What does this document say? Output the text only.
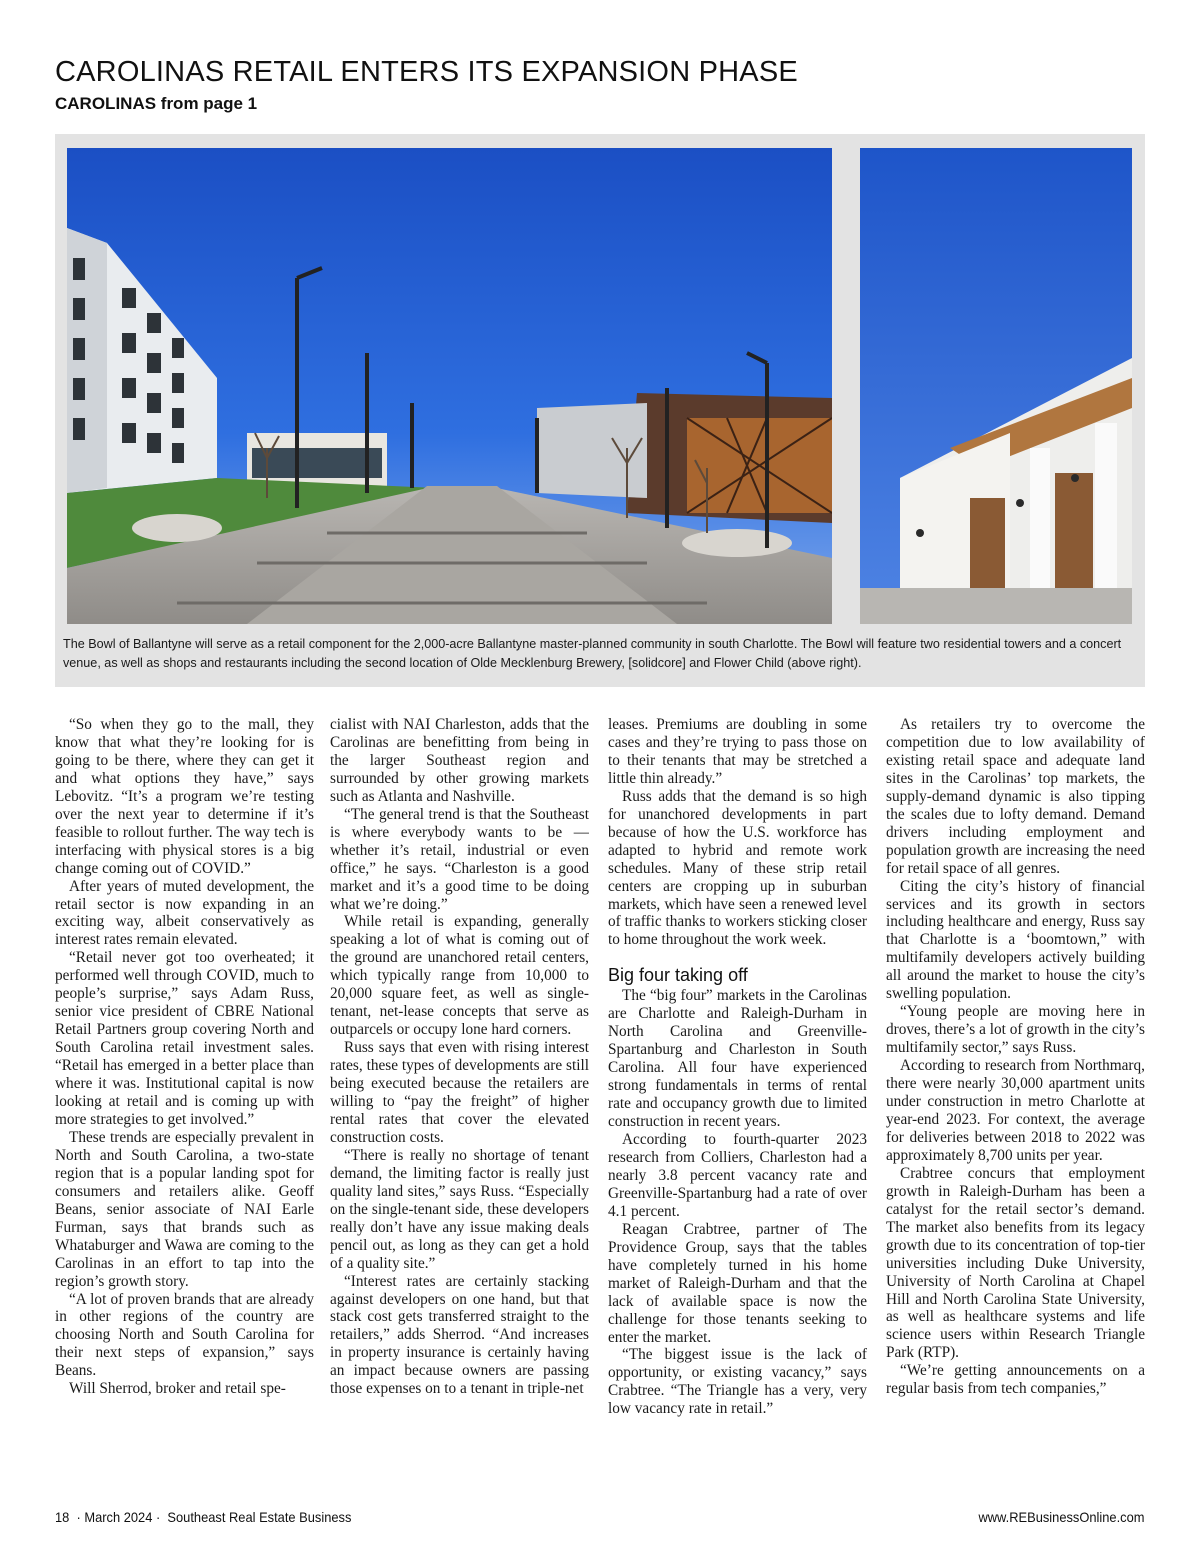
CAROLINAS RETAIL ENTERS ITS EXPANSION PHASE
CAROLINAS from page 1
The Bowl of Ballantyne will serve as a retail component for the 2,000-acre Ballantyne master-planned community in south Charlotte. The Bowl will feature two residential towers and a concert venue, as well as shops and restaurants including the second location of Olde Mecklenburg Brewery, [solidcore] and Flower Child (above right).

“So when they go to the mall, they know that what they’re looking for is going to be there, where they can get it and what options they have,” says Lebovitz. “It’s a program we’re testing over the next year to determine if it’s feasible to rollout further. The way tech is interfacing with physical stores is a big change coming out of COVID.”

After years of muted development, the retail sector is now expanding in an exciting way, albeit conservatively as interest rates remain elevated.

“Retail never got too overheated; it performed well through COVID, much to people’s surprise,” says Adam Russ, senior vice president of CBRE National Retail Partners group covering North and South Carolina retail investment sales. “Retail has emerged in a better place than where it was. Institutional capital is now looking at retail and is coming up with more strategies to get involved.”

These trends are especially prevalent in North and South Carolina, a two-state region that is a popular landing spot for consumers and retailers alike. Geoff Beans, senior associate of NAI Earle Furman, says that brands such as Whataburger and Wawa are coming to the Carolinas in an effort to tap into the region’s growth story.

“A lot of proven brands that are already in other regions of the country are choosing North and South Carolina for their next steps of expansion,” says Beans.

Will Sherrod, broker and retail spe-

cialist with NAI Charleston, adds that the Carolinas are benefitting from being in the larger Southeast region and surrounded by other growing markets such as Atlanta and Nashville.

“The general trend is that the Southeast is where everybody wants to be — whether it’s retail, industrial or even office,” he says. “Charleston is a good market and it’s a good time to be doing what we’re doing.”

While retail is expanding, generally speaking a lot of what is coming out of the ground are unanchored retail centers, which typically range from 10,000 to 20,000 square feet, as well as single-tenant, net-lease concepts that serve as outparcels or occupy lone hard corners.

Russ says that even with rising interest rates, these types of developments are still being executed because the retailers are willing to “pay the freight” of higher rental rates that cover the elevated construction costs.

“There is really no shortage of tenant demand, the limiting factor is really just quality land sites,” says Russ. “Especially on the single-tenant side, these developers really don’t have any issue making deals pencil out, as long as they can get a hold of a quality site.”

“Interest rates are certainly stacking against developers on one hand, but that stack cost gets transferred straight to the retailers,” adds Sherrod. “And increases in property insurance is certainly having an impact because owners are passing those expenses on to a tenant in triple-net

leases. Premiums are doubling in some cases and they’re trying to pass those on to their tenants that may be stretched a little thin already.”

Russ adds that the demand is so high for unanchored developments in part because of how the U.S. workforce has adapted to hybrid and remote work schedules. Many of these strip retail centers are cropping up in suburban markets, which have seen a renewed level of traffic thanks to workers sticking closer to home throughout the work week.

Big four taking off

The “big four” markets in the Carolinas are Charlotte and Raleigh-Durham in North Carolina and Greenville-Spartanburg and Charleston in South Carolina. All four have experienced strong fundamentals in terms of rental rate and occupancy growth due to limited construction in recent years.

According to fourth-quarter 2023 research from Colliers, Charleston had a nearly 3.8 percent vacancy rate and Greenville-Spartanburg had a rate of over 4.1 percent.

Reagan Crabtree, partner of The Providence Group, says that the tables have completely turned in his home market of Raleigh-Durham and that the lack of available space is now the challenge for those tenants seeking to enter the market.

“The biggest issue is the lack of opportunity, or existing vacancy,” says Crabtree. “The Triangle has a very, very low vacancy rate in retail.”

As retailers try to overcome the competition due to low availability of existing retail space and adequate land sites in the Carolinas’ top markets, the supply-demand dynamic is also tipping the scales due to lofty demand. Demand drivers including employment and population growth are increasing the need for retail space of all genres.

Citing the city’s history of financial services and its growth in sectors including healthcare and energy, Russ say that Charlotte is a ‘boomtown,” with multifamily developers actively building all around the market to house the city’s swelling population.

“Young people are moving here in droves, there’s a lot of growth in the city’s multifamily sector,” says Russ.

According to research from Northmarq, there were nearly 30,000 apartment units under construction in metro Charlotte at year-end 2023. For context, the average for deliveries between 2018 to 2022 was approximately 8,700 units per year.

Crabtree concurs that employment growth in Raleigh-Durham has been a catalyst for the retail sector’s demand. The market also benefits from its legacy growth due to its concentration of top-tier universities including Duke University, University of North Carolina at Chapel Hill and North Carolina State University, as well as healthcare systems and life science users within Research Triangle Park (RTP).

“We’re getting announcements on a regular basis from tech companies,”

18 · March 2024 · Southeast Real Estate Business	www.REBusinessOnline.com
